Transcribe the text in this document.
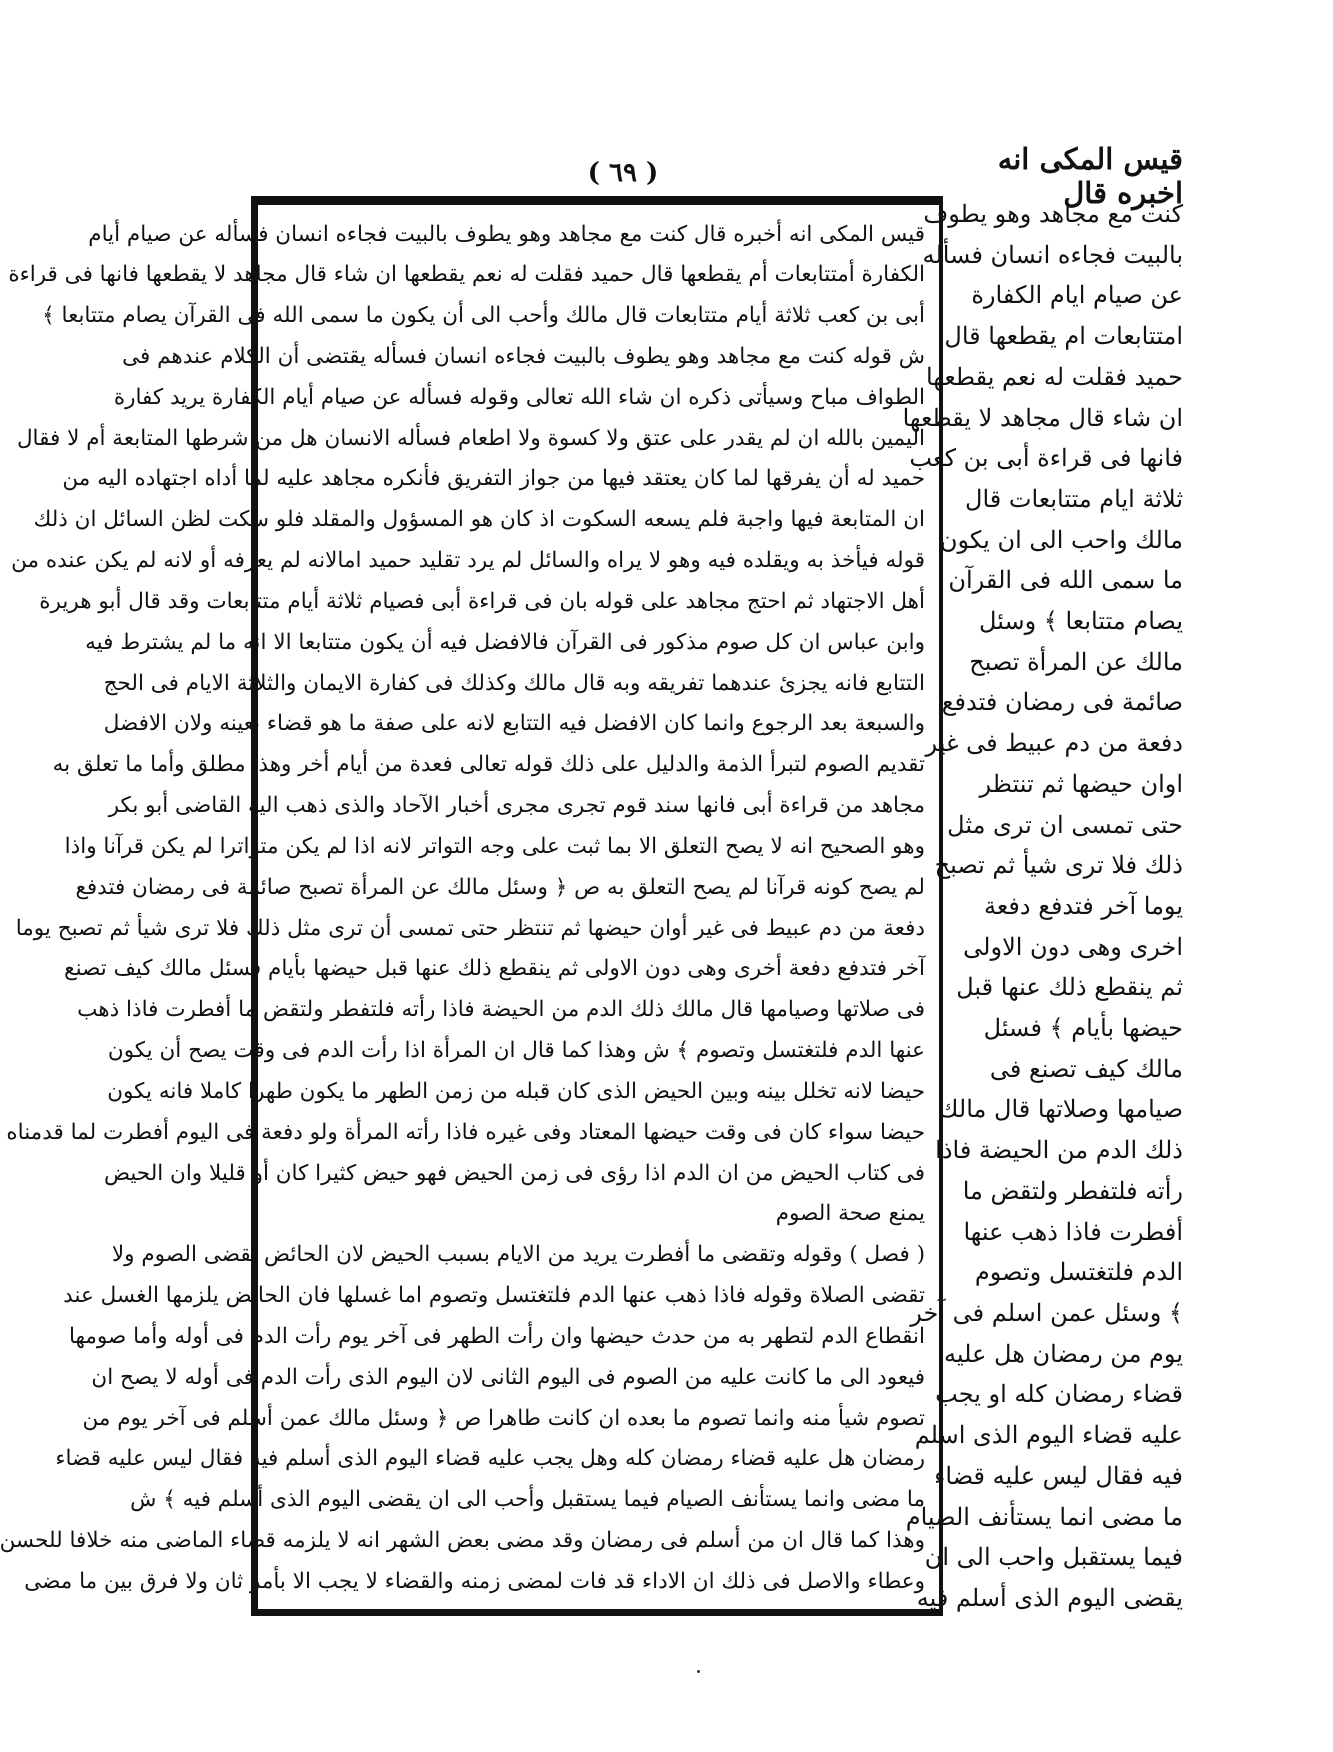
( ٦٩ )	قيس المكى انه اخبره قال
قيس المكى انه أخبره قال كنت مع مجاهد وهو يطوف بالبيت فجاءه انسان فسأله عن صيام أيام
الكفارة أمتتابعات أم يقطعها قال حميد فقلت له نعم يقطعها ان شاء قال مجاهد لا يقطعها فانها فى قراءة
أبى بن كعب ثلاثة أيام متتابعات قال مالك وأحب الى أن يكون ما سمى الله فى القرآن يصام متتابعا ﴾
ش قوله كنت مع مجاهد وهو يطوف بالبيت فجاءه انسان فسأله يقتضى أن الكلام عندهم فى
الطواف مباح وسيأتى ذكره ان شاء الله تعالى وقوله فسأله عن صيام أيام الكفارة يريد كفارة
اليمين بالله ان لم يقدر على عتق ولا كسوة ولا اطعام فسأله الانسان هل من شرطها المتابعة أم لا فقال
حميد له أن يفرقها لما كان يعتقد فيها من جواز التفريق فأنكره مجاهد عليه لما أداه اجتهاده اليه من
ان المتابعة فيها واجبة فلم يسعه السكوت اذ كان هو المسؤول والمقلد فلو سكت لظن السائل ان ذلك
قوله فيأخذ به ويقلده فيه وهو لا يراه والسائل لم يرد تقليد حميد امالانه لم يعرفه أو لانه لم يكن عنده من
أهل الاجتهاد ثم احتج مجاهد على قوله بان فى قراءة أبى فصيام ثلاثة أيام متتابعات وقد قال أبو هريرة
وابن عباس ان كل صوم مذكور فى القرآن فالافضل فيه أن يكون متتابعا الا انه ما لم يشترط فيه
التتابع فانه يجزئ عندهما تفريقه وبه قال مالك وكذلك فى كفارة الايمان والثلاثة الايام فى الحج
والسبعة بعد الرجوع وانما كان الافضل فيه التتابع لانه على صفة ما هو قضاء بعينه ولان الافضل
تقديم الصوم لتبرأ الذمة والدليل على ذلك قوله تعالى فعدة من أيام أخر وهذا مطلق وأما ما تعلق به
مجاهد من قراءة أبى فانها سند قوم تجرى مجرى أخبار الآحاد والذى ذهب اليه القاضى أبو بكر
وهو الصحيح انه لا يصح التعلق الا بما ثبت على وجه التواتر لانه اذا لم يكن متواترا لم يكن قرآنا واذا
لم يصح كونه قرآنا لم يصح التعلق به ص ﴿ وسئل مالك عن المرأة تصبح صائمة فى رمضان فتدفع
دفعة من دم عبيط فى غير أوان حيضها ثم تنتظر حتى تمسى أن ترى مثل ذلك فلا ترى شيأ ثم تصبح يوما
آخر فتدفع دفعة أخرى وهى دون الاولى ثم ينقطع ذلك عنها قبل حيضها بأيام فسئل مالك كيف تصنع
فى صلاتها وصيامها قال مالك ذلك الدم من الحيضة فاذا رأته فلتفطر ولتقض ما أفطرت فاذا ذهب
عنها الدم فلتغتسل وتصوم ﴾ ش وهذا كما قال ان المرأة اذا رأت الدم فى وقت يصح أن يكون
حيضا لانه تخلل بينه وبين الحيض الذى كان قبله من زمن الطهر ما يكون طهرا كاملا فانه يكون
حيضا سواء كان فى وقت حيضها المعتاد وفى غيره فاذا رأته المرأة ولو دفعة فى اليوم أفطرت لما قدمناه
فى كتاب الحيض من ان الدم اذا رؤى فى زمن الحيض فهو حيض كثيرا كان أو قليلا وان الحيض
يمنع صحة الصوم
( فصل ) وقوله وتقضى ما أفطرت يريد من الايام بسبب الحيض لان الحائض تقضى الصوم ولا
تقضى الصلاة وقوله فاذا ذهب عنها الدم فلتغتسل وتصوم اما غسلها فان الحائض يلزمها الغسل عند
انقطاع الدم لتطهر به من حدث حيضها وان رأت الطهر فى آخر يوم رأت الدم فى أوله وأما صومها
فيعود الى ما كانت عليه من الصوم فى اليوم الثانى لان اليوم الذى رأت الدم فى أوله لا يصح ان
تصوم شيأ منه وانما تصوم ما بعده ان كانت طاهرا ص ﴿ وسئل مالك عمن أسلم فى آخر يوم من
رمضان هل عليه قضاء رمضان كله وهل يجب عليه قضاء اليوم الذى أسلم فيه فقال ليس عليه قضاء
ما مضى وانما يستأنف الصيام فيما يستقبل وأحب الى ان يقضى اليوم الذى أسلم فيه ﴾ ش
وهذا كما قال ان من أسلم فى رمضان وقد مضى بعض الشهر انه لا يلزمه قضاء الماضى منه خلافا للحسن
وعطاء والاصل فى ذلك ان الاداء قد فات لمضى زمنه والقضاء لا يجب الا بأمر ثان ولا فرق بين ما مضى
كنت مع مجاهد وهو يطوف
بالبيت فجاءه انسان فسأله
عن صيام ايام الكفارة
امتتابعات ام يقطعها قال
حميد فقلت له نعم يقطعها
ان شاء قال مجاهد لا يقطعها
فانها فى قراءة أبى بن كعب
ثلاثة ايام متتابعات قال
مالك واحب الى ان يكون
ما سمى الله فى القرآن
يصام متتابعا ﴾ وسئل
مالك عن المرأة تصبح
صائمة فى رمضان فتدفع
دفعة من دم عبيط فى غير
اوان حيضها ثم تنتظر
حتى تمسى ان ترى مثل
ذلك فلا ترى شيأ ثم تصبح
يوما آخر فتدفع دفعة
اخرى وهى دون الاولى
ثم ينقطع ذلك عنها قبل
حيضها بأيام ﴾ فسئل
مالك كيف تصنع فى
صيامها وصلاتها قال مالك
ذلك الدم من الحيضة فاذا
رأته فلتفطر ولتقض ما
أفطرت فاذا ذهب عنها
الدم فلتغتسل وتصوم
﴾ وسئل عمن اسلم فى آخر
يوم من رمضان هل عليه
قضاء رمضان كله او يجب
عليه قضاء اليوم الذى اسلم
فيه فقال ليس عليه قضاء
ما مضى انما يستأنف الصيام
فيما يستقبل واحب الى ان
يقضى اليوم الذى أسلم فيه
